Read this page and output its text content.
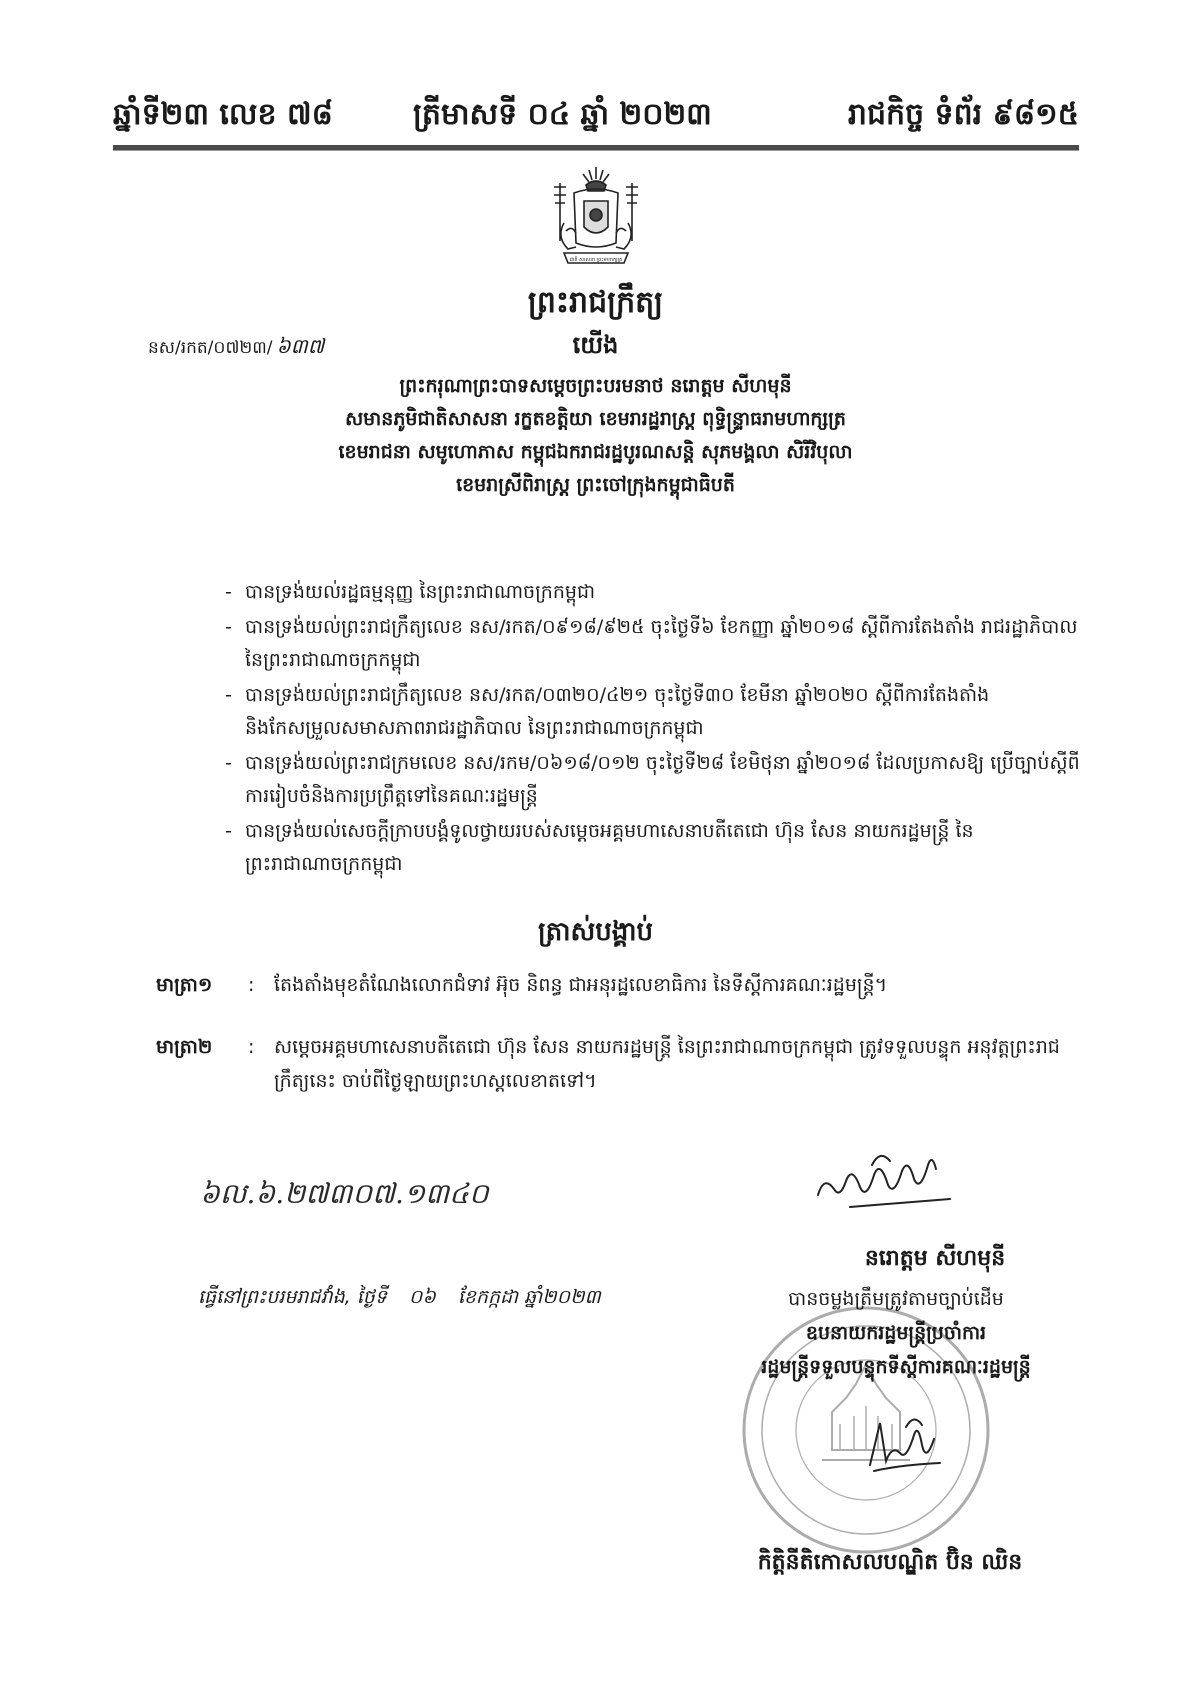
ឆ្នាំទី២៣ លេខ ៧៨	ត្រីមាសទី ០៤ ឆ្នាំ ២០២៣	រាជកិច្ច ទំព័រ ៩៨១៥
ជាតិ សាសនា ព្រះមហាក្សត្រ
ព្រះរាជក្រឹត្យ
នស/រកត/០៧២៣/ ៦៣៧	យើង
ព្រះករុណាព្រះបាទសម្តេចព្រះបរមនាថ នរោត្តម សីហមុនី
សមានភូមិជាតិសាសនា រក្ខតខត្តិយា ខេមរារដ្ឋរាស្ត្រ ពុទ្ធិន្ទ្រាធរាមហាក្សត្រ
ខេមរាជនា សមូហោភាស កម្ពុជឯករាជរដ្ឋបូរណសន្តិ សុភមង្គលា សិរីវិបុលា
ខេមរាស្រីពិរាស្ត្រ ព្រះចៅក្រុងកម្ពុជាធិបតី
- បានទ្រង់យល់រដ្ឋធម្មនុញ្ញ នៃព្រះរាជាណាចក្រកម្ពុជា
- បានទ្រង់យល់ព្រះរាជក្រឹត្យលេខ នស/រកត/០៩១៨/៩២៥ ចុះថ្ងៃទី៦ ខែកញ្ញា ឆ្នាំ២០១៨ ស្តីពីការតែងតាំង រាជរដ្ឋាភិបាល នៃព្រះរាជាណាចក្រកម្ពុជា
- បានទ្រង់យល់ព្រះរាជក្រឹត្យលេខ នស/រកត/០៣២០/៤២១ ចុះថ្ងៃទី៣០ ខែមីនា ឆ្នាំ២០២០ ស្តីពីការតែងតាំង និងកែសម្រួលសមាសភាពរាជរដ្ឋាភិបាល នៃព្រះរាជាណាចក្រកម្ពុជា
- បានទ្រង់យល់ព្រះរាជក្រមលេខ នស/រកម/០៦១៨/០១២ ចុះថ្ងៃទី២៨ ខែមិថុនា ឆ្នាំ២០១៨ ដែលប្រកាសឱ្យ ប្រើច្បាប់ស្តីពីការរៀបចំនិងការប្រព្រឹត្តទៅនៃគណៈរដ្ឋមន្ត្រី
- បានទ្រង់យល់សេចក្តីក្រាបបង្គំទូលថ្វាយរបស់សម្តេចអគ្គមហាសេនាបតីតេជោ ហ៊ុន សែន នាយករដ្ឋមន្ត្រី នៃព្រះរាជាណាចក្រកម្ពុជា
ត្រាស់បង្គាប់
មាត្រា១ : តែងតាំងមុខតំណែងលោកជំទាវ អ៊ុច និពន្ធ ជាអនុរដ្ឋលេខាធិការ នៃទីស្តីការគណៈរដ្ឋមន្ត្រី។
មាត្រា២ : សម្តេចអគ្គមហាសេនាបតីតេជោ ហ៊ុន សែន នាយករដ្ឋមន្ត្រី នៃព្រះរាជាណាចក្រកម្ពុជា ត្រូវទទួលបន្ទុក អនុវត្តព្រះរាជក្រឹត្យនេះ ចាប់ពីថ្ងៃឡាយព្រះហស្តលេខាតទៅ។
៦ល.៦.២៧៣០៧.១៣៤០
នរោត្តម សីហមុនី
ធ្វើនៅព្រះបរមរាជវាំង, ថ្ងៃទី ០៦ ខែកក្កដា ឆ្នាំ២០២៣	បានចម្លងត្រឹមត្រូវតាមច្បាប់ដើម
ឧបនាយករដ្ឋមន្ត្រីប្រចាំការ
រដ្ឋមន្ត្រីទទួលបន្ទុកទីស្តីការគណៈរដ្ឋមន្ត្រី
កិត្តិនីតិកោសលបណ្ឌិត ប៊ិន ឈិន
